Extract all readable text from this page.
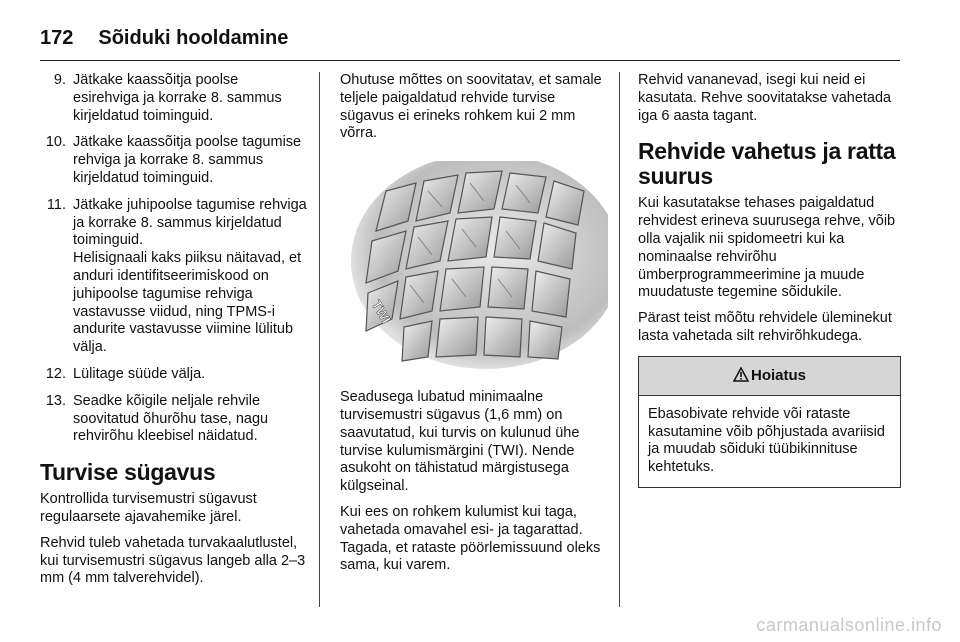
172 Sõiduki hooldamine
9. Jätkake kaassõitja poolse esirehviga ja korrake 8. sammus kirjeldatud toiminguid.
10. Jätkake kaassõitja poolse tagumise rehviga ja korrake 8. sammus kirjeldatud toiminguid.
11. Jätkake juhipoolse tagumise rehviga ja korrake 8. sammus kirjeldatud toiminguid.
Helisignaali kaks piiksu näitavad, et anduri identifitseerimiskood on juhipoolse tagumise rehviga vastavusse viidud, ning TPMS-i andurite vastavusse viimine lülitub välja.
12. Lülitage süüde välja.
13. Seadke kõigile neljale rehvile soovitatud õhurõhu tase, nagu rehvirõhu kleebisel näidatud.
Turvise sügavus

Kontrollida turvisemustri sügavust regulaarsete ajavahemike järel.

Rehvid tuleb vahetada turvakaalutlustel, kui turvisemustri sügavus langeb alla 2–3 mm (4 mm talverehvidel).

Ohutuse mõttes on soovitatav, et samale teljele paigaldatud rehvide turvise sügavus ei erineks rohkem kui 2 mm võrra.

TWI

Seadusega lubatud minimaalne turvisemustri sügavus (1,6 mm) on saavutatud, kui turvis on kulunud ühe turvise kulumismärgini (TWI). Nende asukoht on tähistatud märgistusega külgseinal.

Kui ees on rohkem kulumist kui taga, vahetada omavahel esi- ja tagarattad. Tagada, et rataste pöörlemissuund oleks sama, kui varem.

Rehvid vananevad, isegi kui neid ei kasutata. Rehve soovitatakse vahetada iga 6 aasta tagant.

Rehvide vahetus ja ratta suurus

Kui kasutatakse tehases paigaldatud rehvidest erineva suurusega rehve, võib olla vajalik nii spidomeetri kui ka nominaalse rehvirõhu ümberprogrammeerimine ja muude muudatuste tegemine sõidukile.

Pärast teist mõõtu rehvidele üleminekut lasta vahetada silt rehvirõhkudega.

Hoiatus
Ebasobivate rehvide või rataste kasutamine võib põhjustada avariisid ja muudab sõiduki tüübikinnituse kehtetuks.
carmanualsonline.info
